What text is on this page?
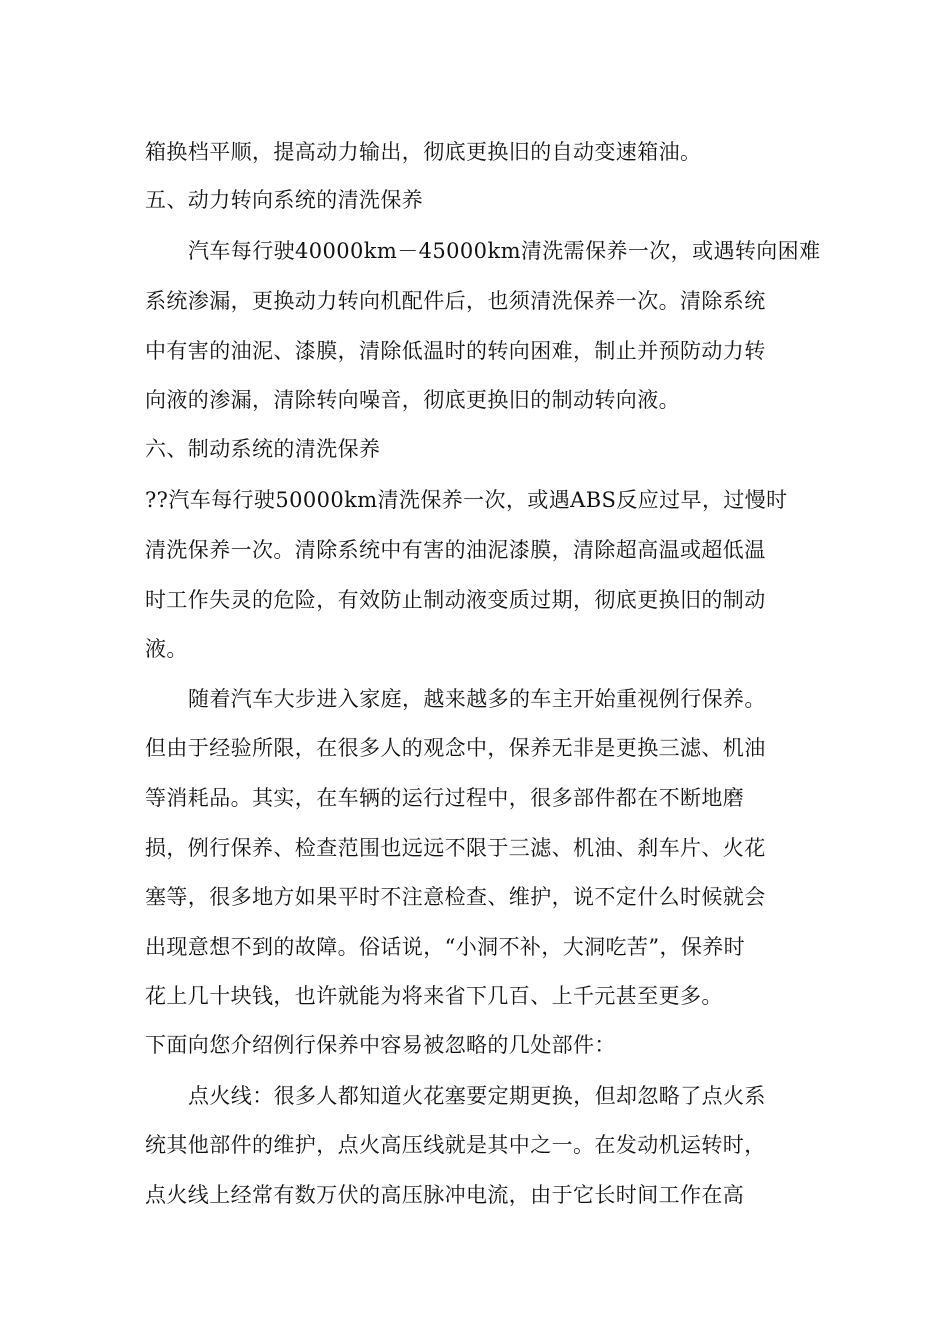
箱换档平顺，提高动力输出，彻底更换旧的自动变速箱油。
五、动力转向系统的清洗保养
汽车每行驶40000km－45000km清洗需保养一次，或遇转向困难
系统渗漏，更换动力转向机配件后，也须清洗保养一次。清除系统
中有害的油泥、漆膜，清除低温时的转向困难，制止并预防动力转
向液的渗漏，清除转向噪音，彻底更换旧的制动转向液。
六、制动系统的清洗保养
??汽车每行驶50000km清洗保养一次，或遇ABS反应过早，过慢时
清洗保养一次。清除系统中有害的油泥漆膜，清除超高温或超低温
时工作失灵的危险，有效防止制动液变质过期，彻底更换旧的制动
液。
随着汽车大步进入家庭，越来越多的车主开始重视例行保养。
但由于经验所限，在很多人的观念中，保养无非是更换三滤、机油
等消耗品。其实，在车辆的运行过程中，很多部件都在不断地磨
损，例行保养、检查范围也远远不限于三滤、机油、刹车片、火花
塞等，很多地方如果平时不注意检查、维护，说不定什么时候就会
出现意想不到的故障。俗话说，“小洞不补，大洞吃苦”，保养时
花上几十块钱，也许就能为将来省下几百、上千元甚至更多。
下面向您介绍例行保养中容易被忽略的几处部件：
点火线：很多人都知道火花塞要定期更换，但却忽略了点火系
统其他部件的维护，点火高压线就是其中之一。在发动机运转时，
点火线上经常有数万伏的高压脉冲电流，由于它长时间工作在高
